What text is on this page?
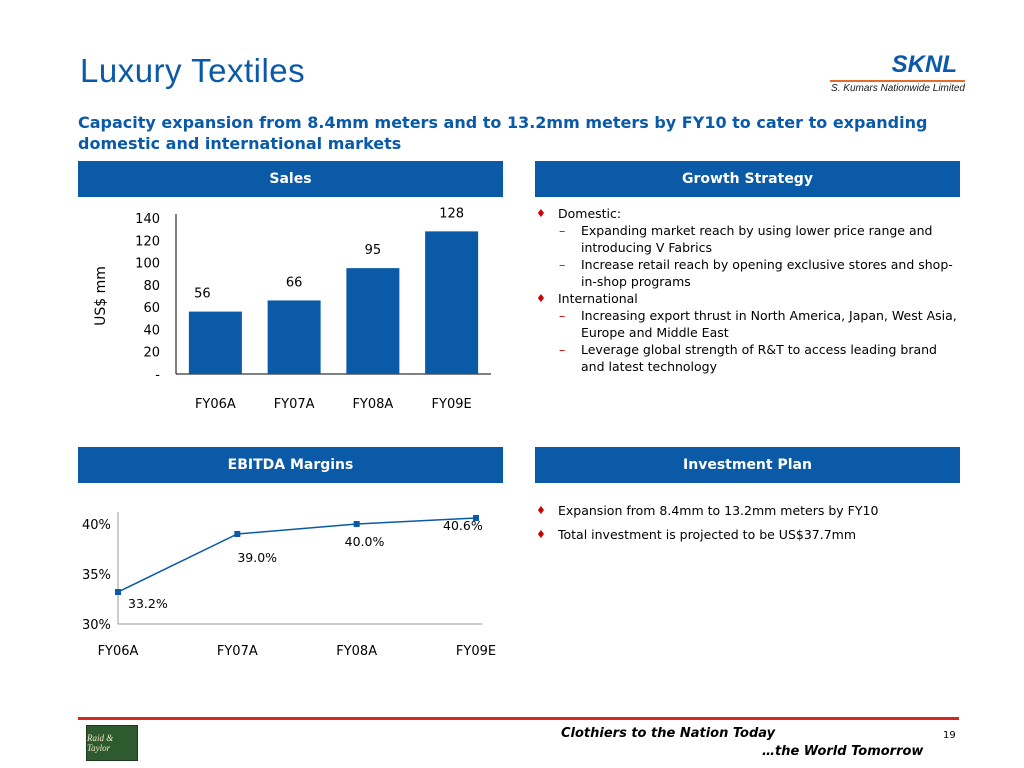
Luxury Textiles	SKNL
S. Kumars Nationwide Limited
Capacity expansion from 8.4mm meters and to 13.2mm meters by FY10 to cater to expanding domestic and international markets
Sales
-
20
40
60
80
100
120
140
US$ mm	56
FY06A
66
FY07A
95
FY08A
128
FY09E
Growth Strategy
♦ Domestic:
– Expanding market reach by using lower price range and introducing V Fabrics
– Increase retail reach by opening exclusive stores and shop-in-shop programs
♦ International
– Increasing export thrust in North America, Japan, West Asia, Europe and Middle East
– Leverage global strength of R&T to access leading brand and latest technology
EBITDA Margins
30%
35%
40%
33.2%
FY06A
39.0%
FY07A
40.0%
FY08A
40.6%
FY09E
Investment Plan
♦ Expansion from 8.4mm to 13.2mm meters by FY10
♦ Total investment is projected to be US$37.7mm
Raid & Taylor
Clothiers to the Nation Today
…the World Tomorrow
19
